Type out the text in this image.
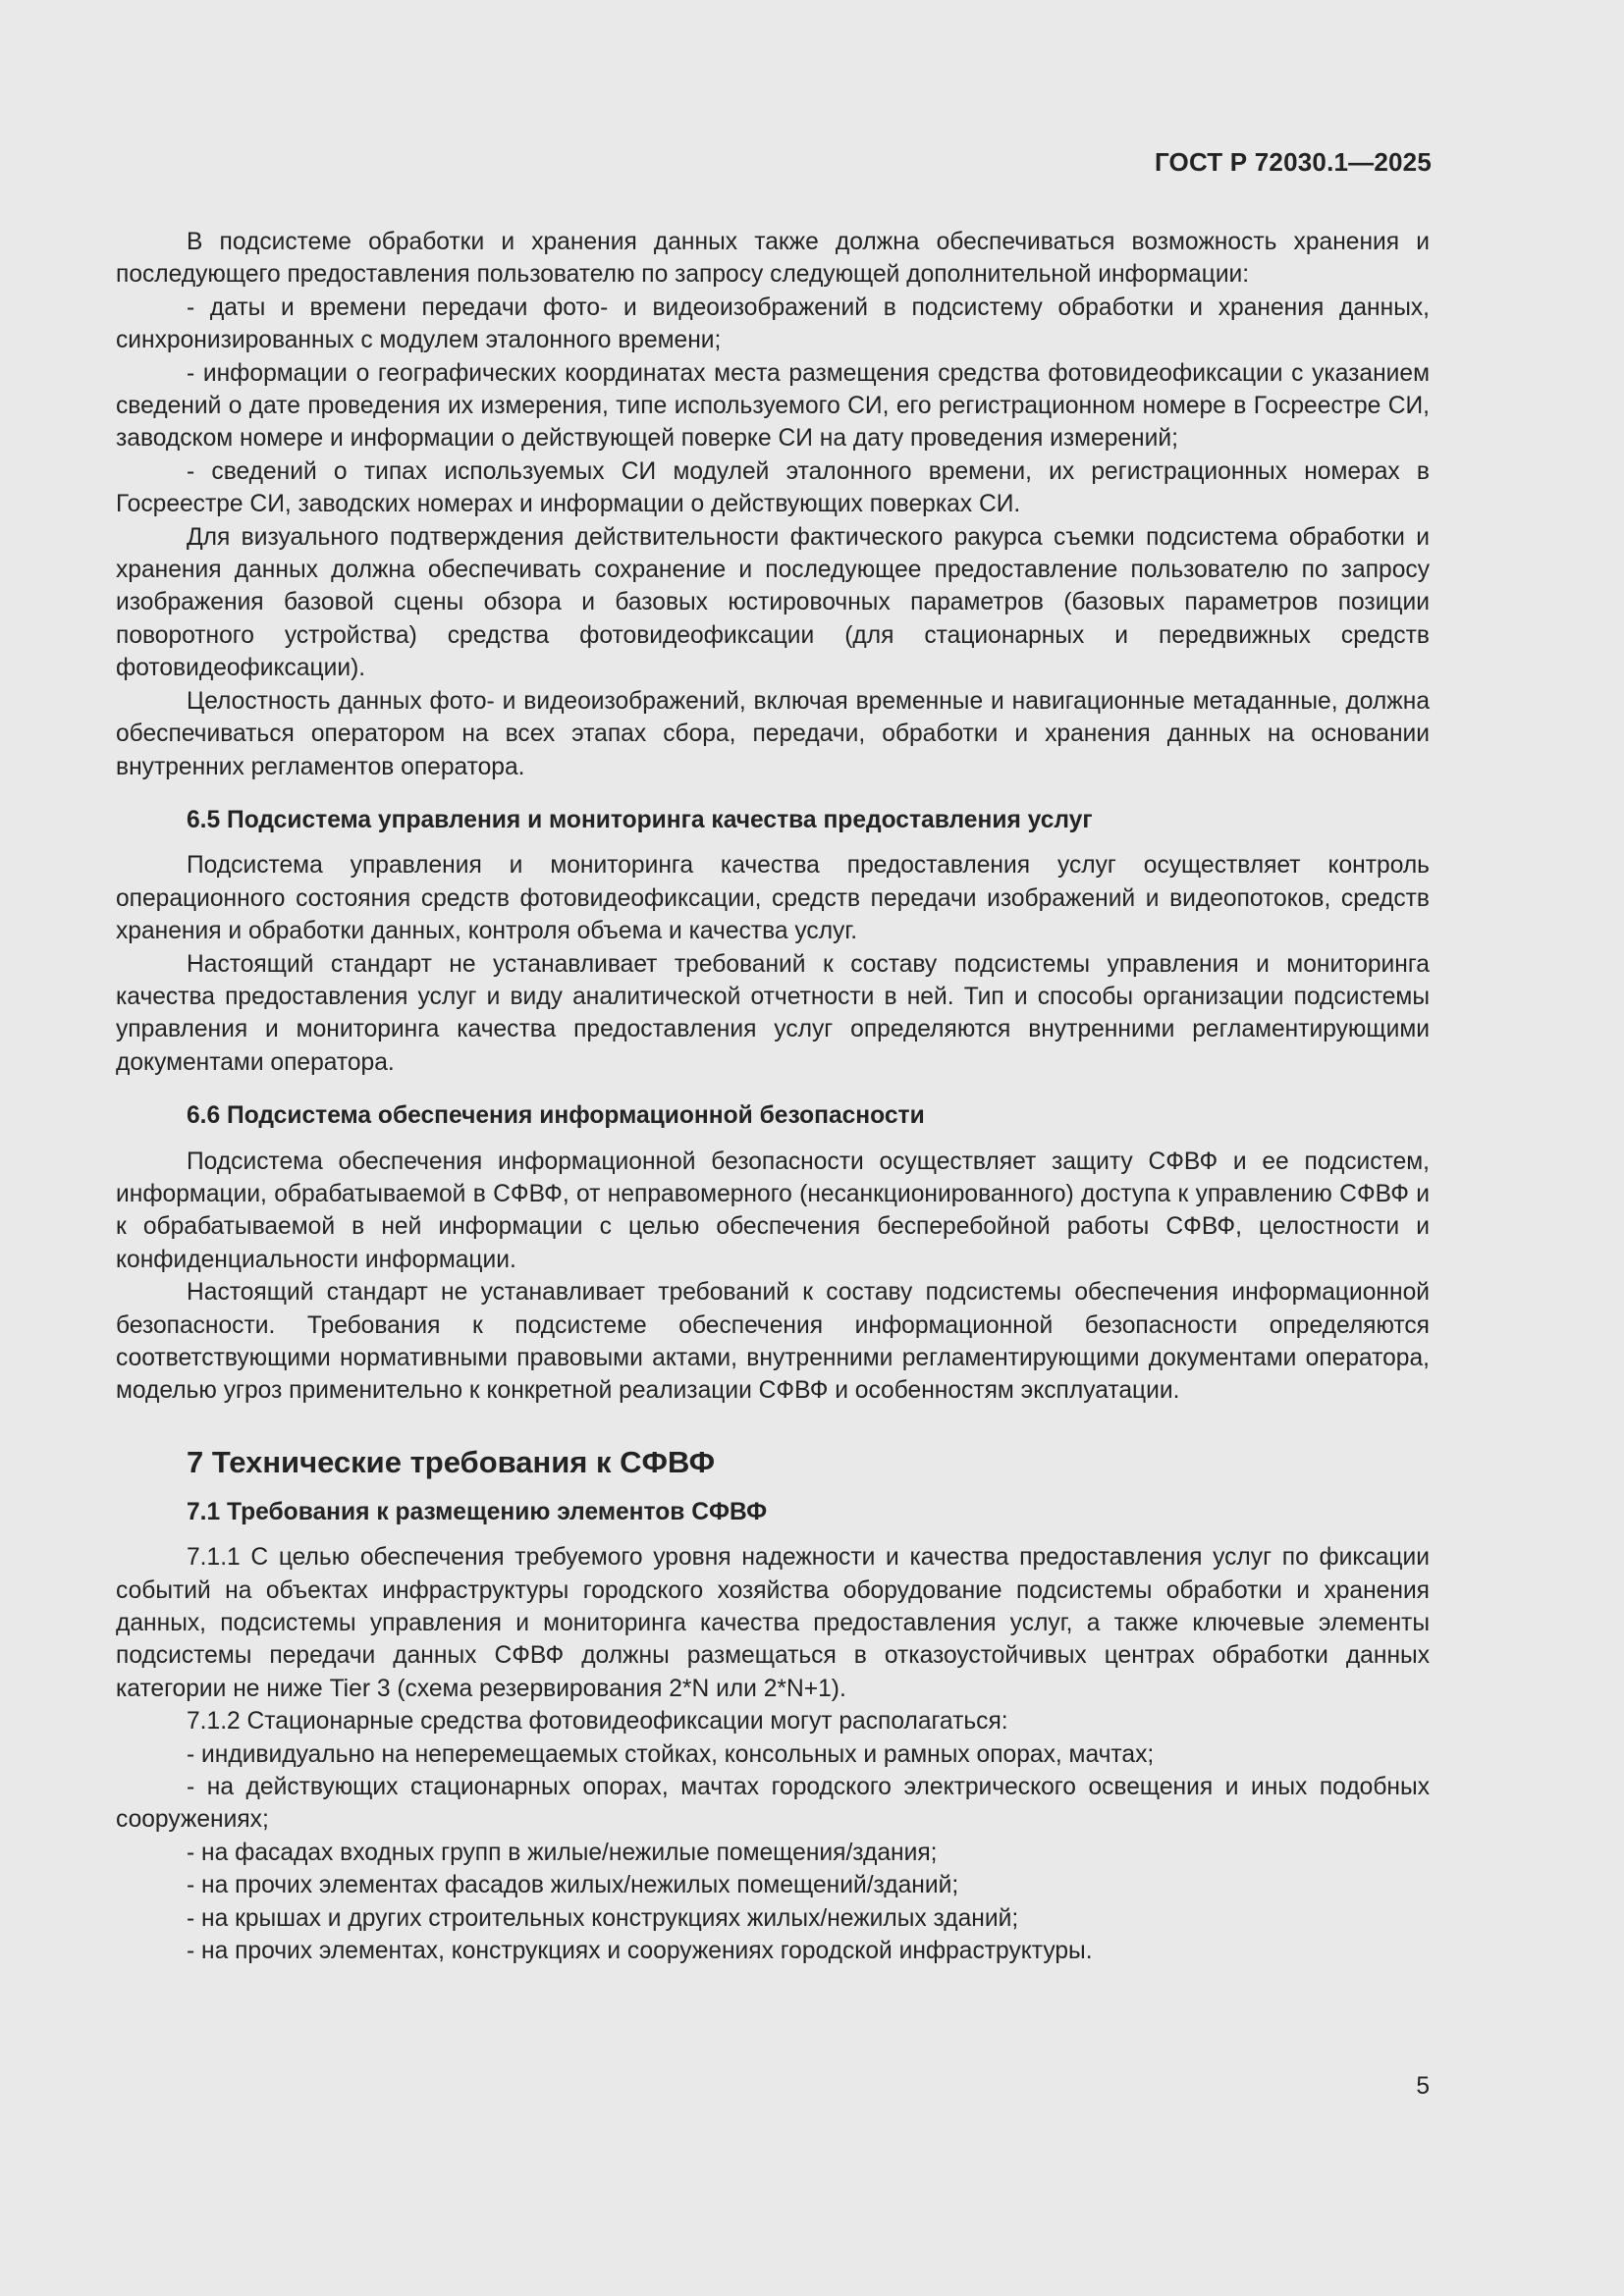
ГОСТ Р 72030.1—2025

В подсистеме обработки и хранения данных также должна обеспечиваться возможность хранения и последующего предоставления пользователю по запросу следующей дополнительной информации:

- даты и времени передачи фото- и видеоизображений в подсистему обработки и хранения данных, синхронизированных с модулем эталонного времени;

- информации о географических координатах места размещения средства фотовидеофиксации с указанием сведений о дате проведения их измерения, типе используемого СИ, его регистрационном номере в Госреестре СИ, заводском номере и информации о действующей поверке СИ на дату проведения измерений;

- сведений о типах используемых СИ модулей эталонного времени, их регистрационных номерах в Госреестре СИ, заводских номерах и информации о действующих поверках СИ.

Для визуального подтверждения действительности фактического ракурса съемки подсистема обработки и хранения данных должна обеспечивать сохранение и последующее предоставление пользователю по запросу изображения базовой сцены обзора и базовых юстировочных параметров (базовых параметров позиции поворотного устройства) средства фотовидеофиксации (для стационарных и передвижных средств фотовидеофиксации).

Целостность данных фото- и видеоизображений, включая временные и навигационные метаданные, должна обеспечиваться оператором на всех этапах сбора, передачи, обработки и хранения данных на основании внутренних регламентов оператора.

6.5 Подсистема управления и мониторинга качества предоставления услуг

Подсистема управления и мониторинга качества предоставления услуг осуществляет контроль операционного состояния средств фотовидеофиксации, средств передачи изображений и видеопотоков, средств хранения и обработки данных, контроля объема и качества услуг.

Настоящий стандарт не устанавливает требований к составу подсистемы управления и мониторинга качества предоставления услуг и виду аналитической отчетности в ней. Тип и способы организации подсистемы управления и мониторинга качества предоставления услуг определяются внутренними регламентирующими документами оператора.

6.6 Подсистема обеспечения информационной безопасности

Подсистема обеспечения информационной безопасности осуществляет защиту СФВФ и ее подсистем, информации, обрабатываемой в СФВФ, от неправомерного (несанкционированного) доступа к управлению СФВФ и к обрабатываемой в ней информации с целью обеспечения бесперебойной работы СФВФ, целостности и конфиденциальности информации.

Настоящий стандарт не устанавливает требований к составу подсистемы обеспечения информационной безопасности. Требования к подсистеме обеспечения информационной безопасности определяются соответствующими нормативными правовыми актами, внутренними регламентирующими документами оператора, моделью угроз применительно к конкретной реализации СФВФ и особенностям эксплуатации.

7 Технические требования к СФВФ
7.1 Требования к размещению элементов СФВФ

7.1.1 С целью обеспечения требуемого уровня надежности и качества предоставления услуг по фиксации событий на объектах инфраструктуры городского хозяйства оборудование подсистемы обработки и хранения данных, подсистемы управления и мониторинга качества предоставления услуг, а также ключевые элементы подсистемы передачи данных СФВФ должны размещаться в отказоустойчивых центрах обработки данных категории не ниже Tier 3 (схема резервирования 2*N или 2*N+1).

7.1.2 Стационарные средства фотовидеофиксации могут располагаться:

- индивидуально на неперемещаемых стойках, консольных и рамных опорах, мачтах;

- на действующих стационарных опорах, мачтах городского электрического освещения и иных подобных сооружениях;

- на фасадах входных групп в жилые/нежилые помещения/здания;

- на прочих элементах фасадов жилых/нежилых помещений/зданий;

- на крышах и других строительных конструкциях жилых/нежилых зданий;

- на прочих элементах, конструкциях и сооружениях городской инфраструктуры.

5
